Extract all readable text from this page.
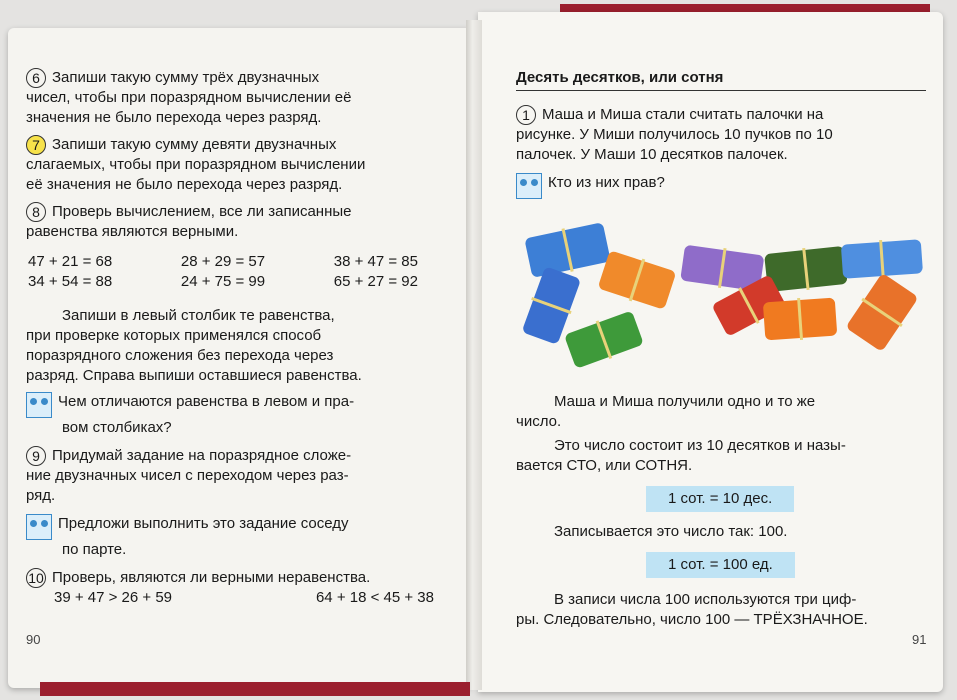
6 Запиши такую сумму трёх двузначных
чисел, чтобы при поразрядном вычислении её
значения не было перехода через разряд.
7 Запиши такую сумму девяти двузначных
слагаемых, чтобы при поразрядном вычислении
её значения не было перехода через разряд.
8 Проверь вычислением, все ли записанные
равенства являются верными.
47 + 21 = 68	28 + 29 = 57	38 + 47 = 85
34 + 54 = 88	24 + 75 = 99	65 + 27 = 92
Запиши в левый столбик те равенства,
при проверке которых применялся способ
поразрядного сложения без перехода через
разряд. Справа выпиши оставшиеся равенства.
Чем отличаются равенства в левом и пра-
вом столбиках?
9 Придумай задание на поразрядное сложе-
ние двузначных чисел с переходом через раз-
ряд.
Предложи выполнить это задание соседу
по парте.
10 Проверь, являются ли верными неравенства.
39 + 47 > 26 + 59	64 + 18 < 45 + 38
90
Десять десятков, или сотня
1 Маша и Миша стали считать палочки на
рисунке. У Миши получилось 10 пучков по 10
палочек. У Маши 10 десятков палочек.
Кто из них прав?
Маша и Миша получили одно и то же
число.
Это число состоит из 10 десятков и назы-
вается СТО, или СОТНЯ.
1 сот. = 10 дес.
Записывается это число так: 100.
1 сот. = 100 ед.
В записи числа 100 используются три циф-
ры. Следовательно, число 100 — ТРЁХЗНАЧНОЕ.
91
